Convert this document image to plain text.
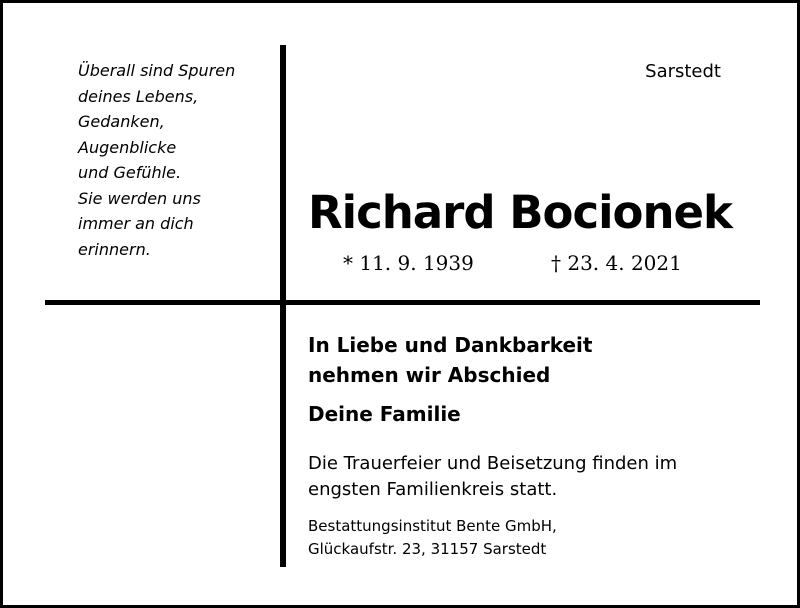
Überall sind Spuren
deines Lebens,
Gedanken,
Augenblicke
und Gefühle.
Sie werden uns
immer an dich
erinnern.
Sarstedt
Richard Bocionek
* 11. 9. 1939	† 23. 4. 2021
In Liebe und Dankbarkeit
nehmen wir Abschied
Deine Familie
Die Trauerfeier und Beisetzung finden im
engsten Familienkreis statt.
Bestattungsinstitut Bente GmbH,
Glückaufstr. 23, 31157 Sarstedt
